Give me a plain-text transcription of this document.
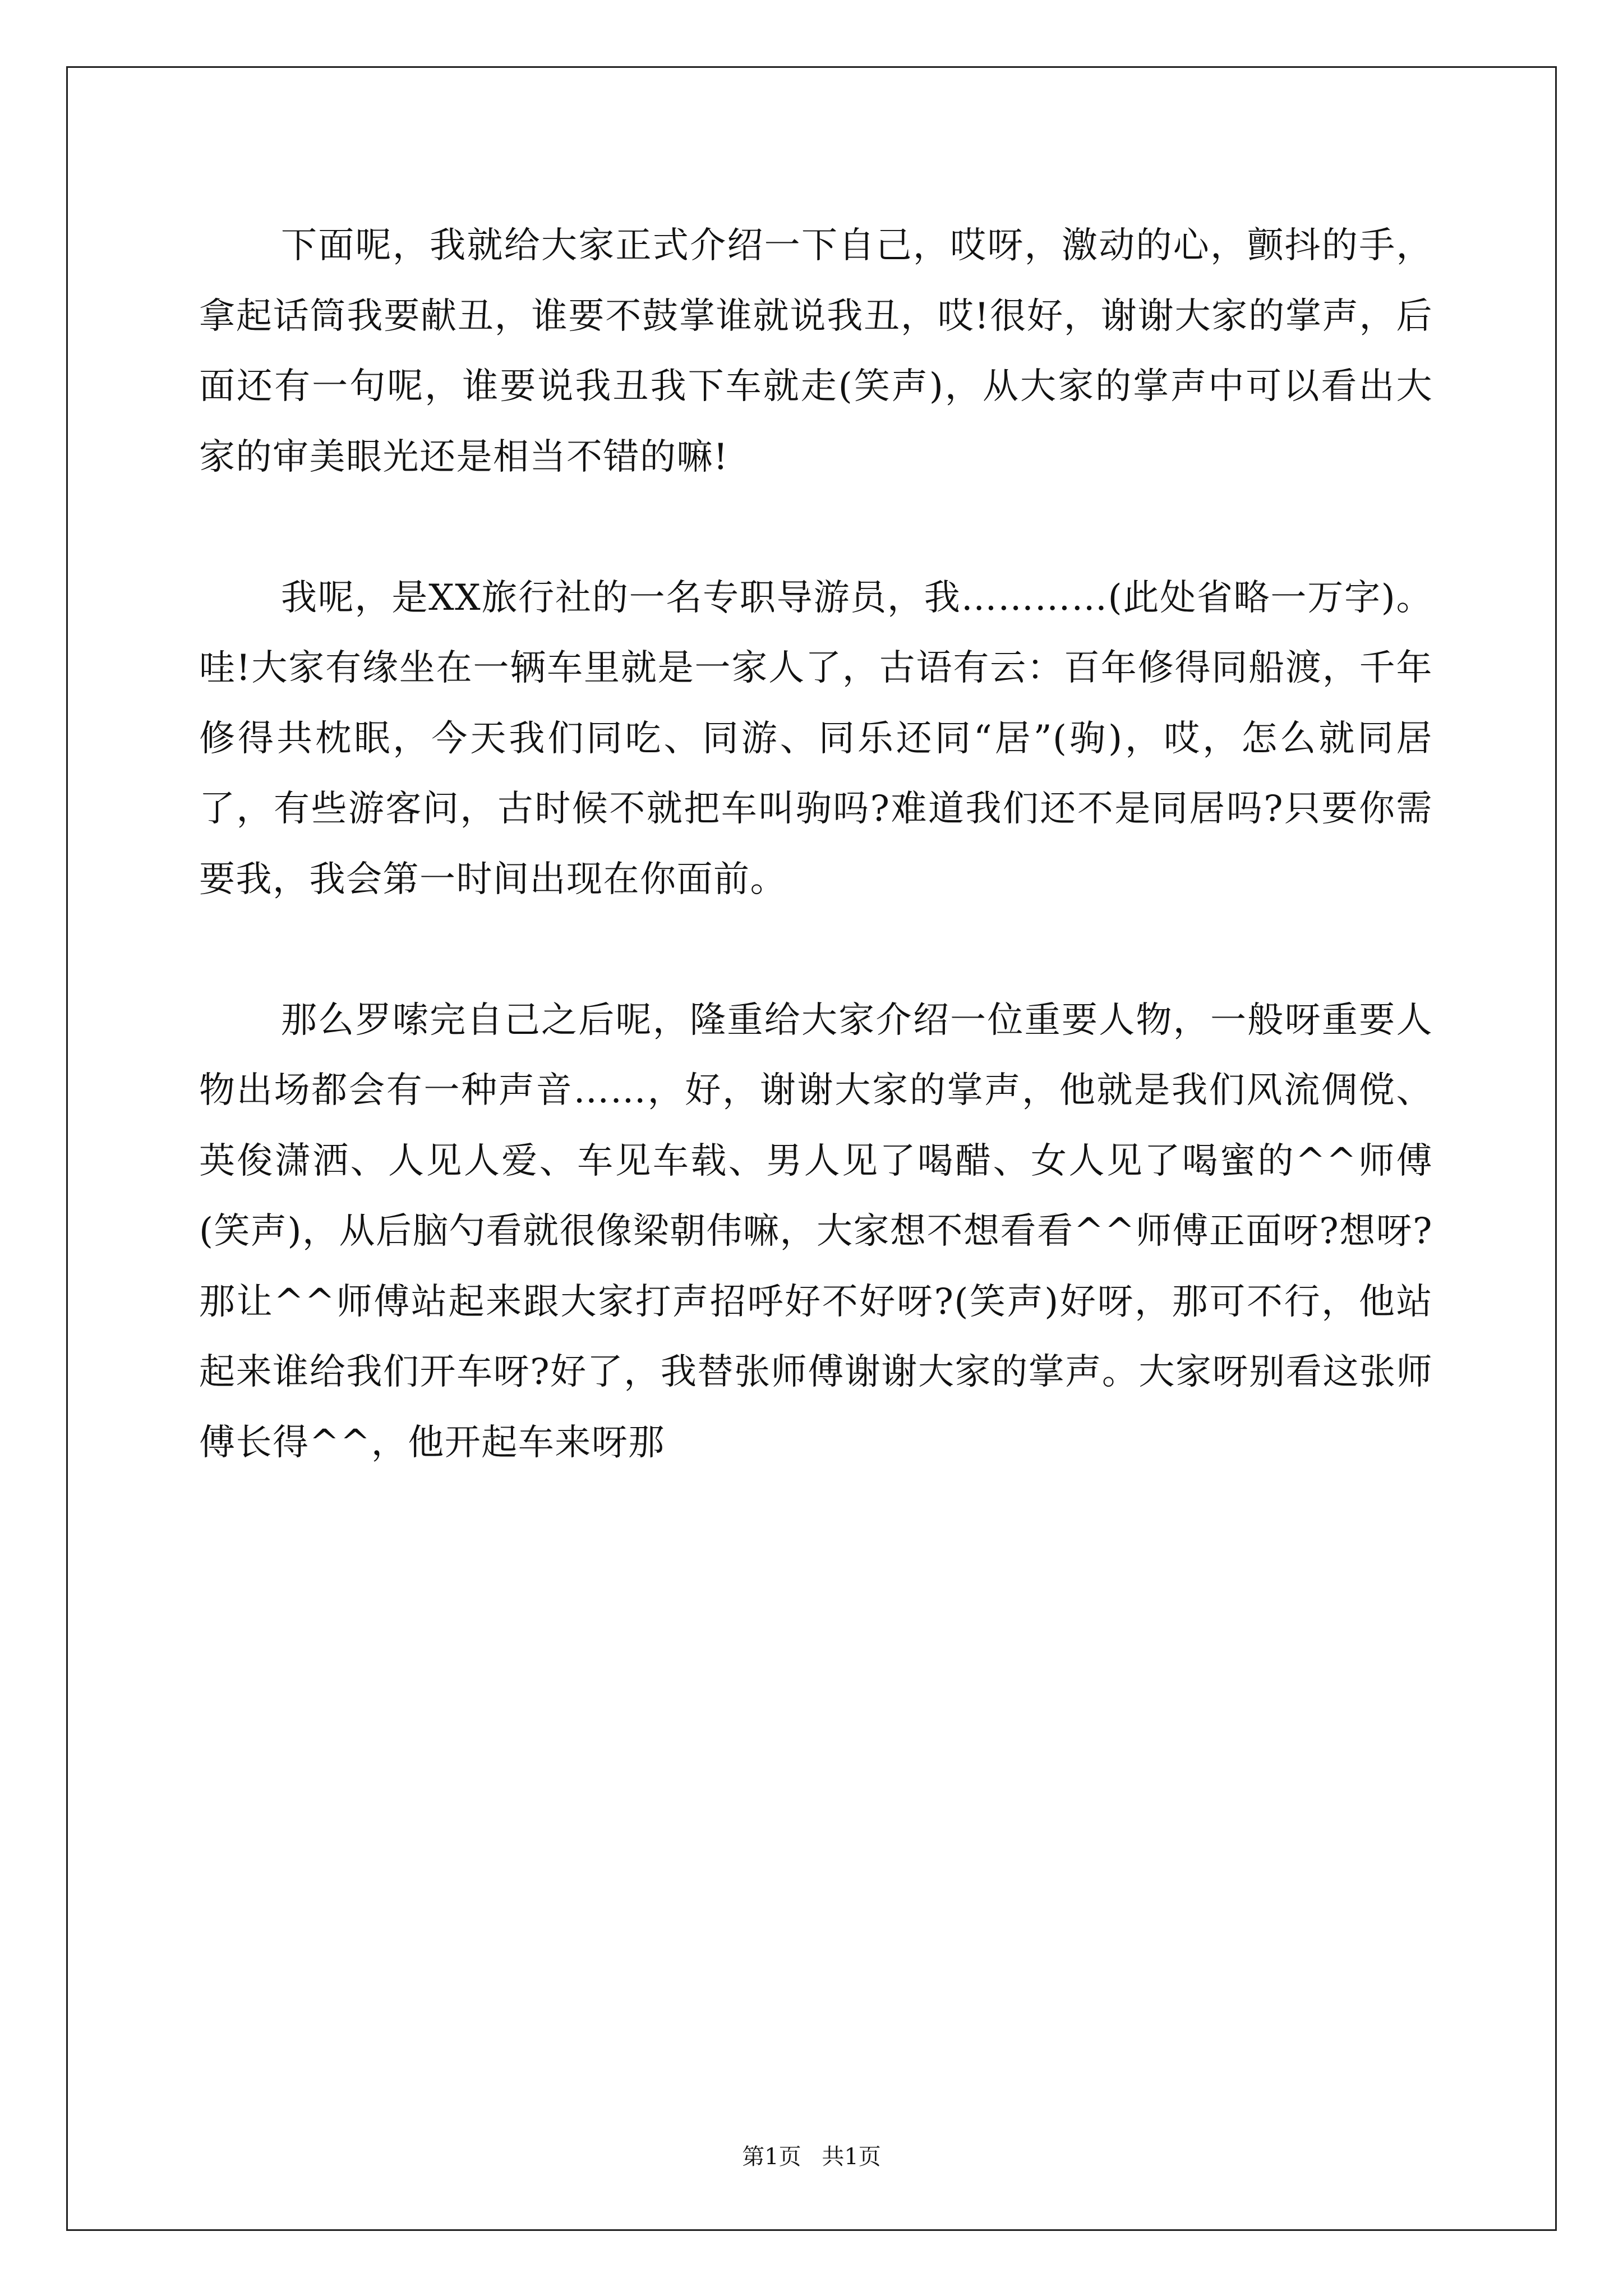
下面呢，我就给大家正式介绍一下自己，哎呀，激动的心，颤抖的手，拿起话筒我要献丑，谁要不鼓掌谁就说我丑，哎!很好，谢谢大家的掌声，后面还有一句呢，谁要说我丑我下车就走(笑声)，从大家的掌声中可以看出大家的审美眼光还是相当不错的嘛!

我呢，是XX旅行社的一名专职导游员，我…………(此处省略一万字)。哇!大家有缘坐在一辆车里就是一家人了，古语有云：百年修得同船渡，千年修得共枕眠，今天我们同吃、同游、同乐还同“居”(驹)，哎，怎么就同居了，有些游客问，古时候不就把车叫驹吗?难道我们还不是同居吗?只要你需要我，我会第一时间出现在你面前。

那么罗嗦完自己之后呢，隆重给大家介绍一位重要人物，一般呀重要人物出场都会有一种声音……，好，谢谢大家的掌声，他就是我们风流倜傥、英俊潇洒、人见人爱、车见车载、男人见了喝醋、女人见了喝蜜的^^师傅(笑声)，从后脑勺看就很像梁朝伟嘛，大家想不想看看^^师傅正面呀?想呀?那让^^师傅站起来跟大家打声招呼好不好呀?(笑声)好呀，那可不行，他站起来谁给我们开车呀?好了，我替张师傅谢谢大家的掌声。大家呀别看这张师傅长得^^，他开起车来呀那

第1页 共1页
